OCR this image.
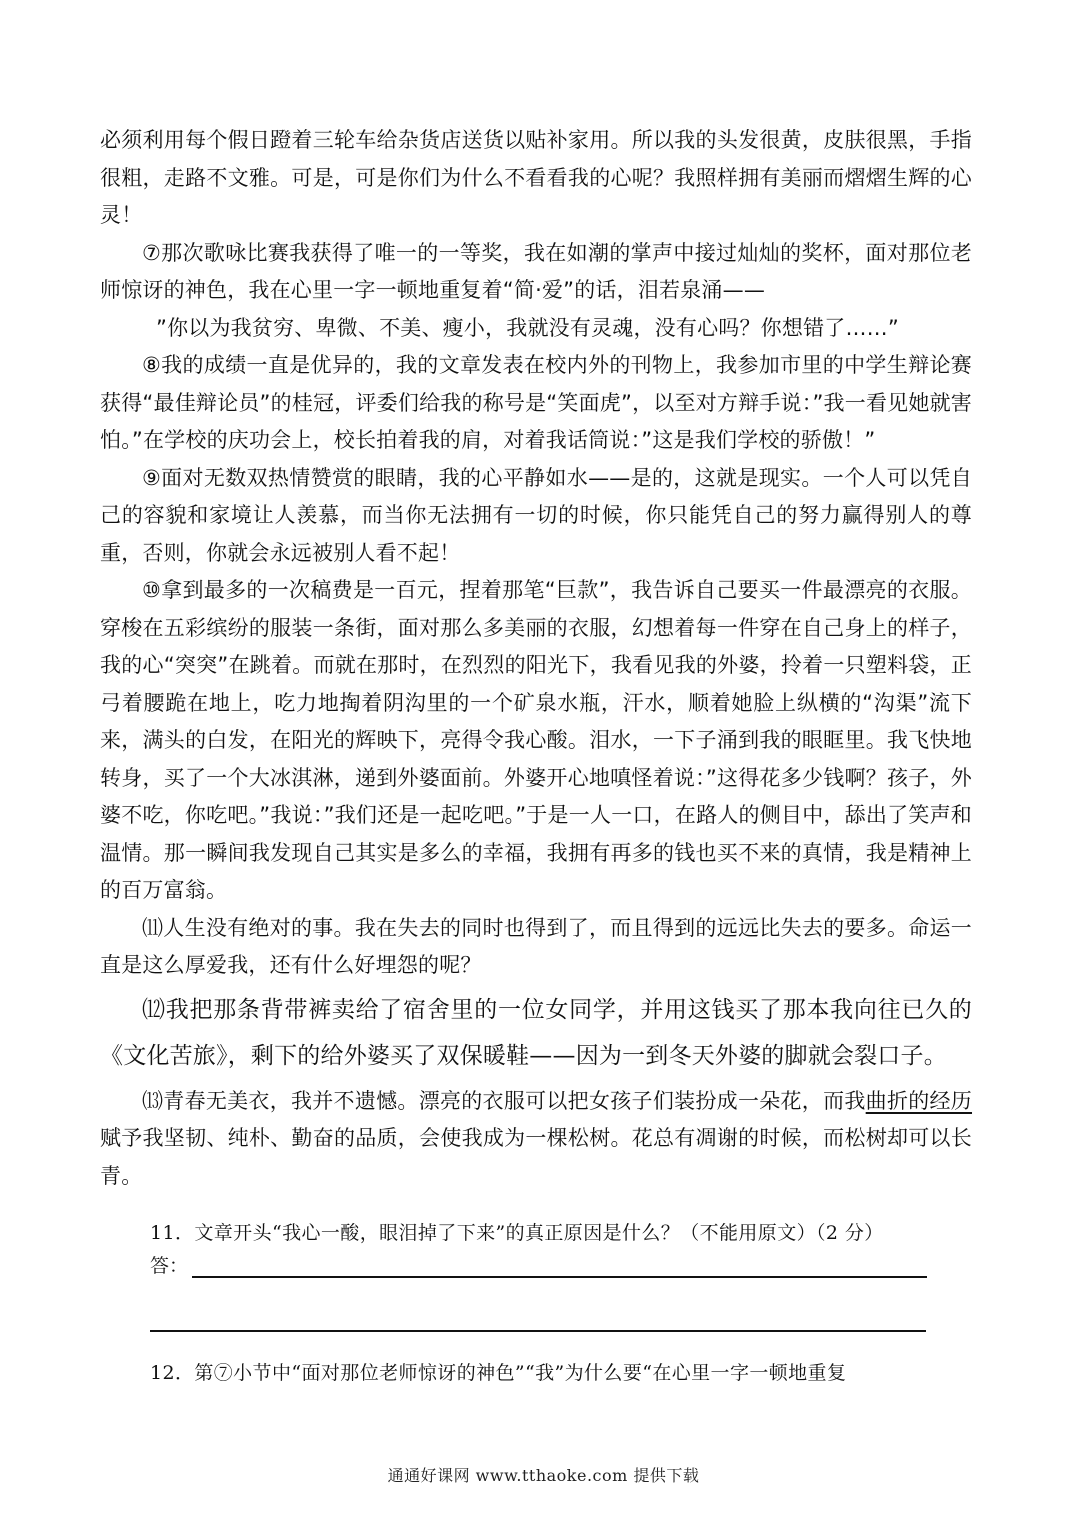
必须利用每个假日蹬着三轮车给杂货店送货以贴补家用。所以我的头发很黄，皮肤很黑，手指很粗，走路不文雅。可是，可是你们为什么不看看我的心呢？我照样拥有美丽而熠熠生辉的心灵！

⑦那次歌咏比赛我获得了唯一的一等奖，我在如潮的掌声中接过灿灿的奖杯，面对那位老师惊讶的神色，我在心里一字一顿地重复着“简·爱”的话，泪若泉涌——

”你以为我贫穷、卑微、不美、瘦小，我就没有灵魂，没有心吗？你想错了……”

⑧我的成绩一直是优异的，我的文章发表在校内外的刊物上，我参加市里的中学生辩论赛获得“最佳辩论员”的桂冠，评委们给我的称号是“笑面虎”，以至对方辩手说：”我一看见她就害怕。”在学校的庆功会上，校长拍着我的肩，对着我话筒说：”这是我们学校的骄傲！”

⑨面对无数双热情赞赏的眼睛，我的心平静如水——是的，这就是现实。一个人可以凭自己的容貌和家境让人羡慕，而当你无法拥有一切的时候，你只能凭自己的努力赢得别人的尊重，否则，你就会永远被别人看不起！

⑩拿到最多的一次稿费是一百元，捏着那笔“巨款”，我告诉自己要买一件最漂亮的衣服。穿梭在五彩缤纷的服装一条街，面对那么多美丽的衣服，幻想着每一件穿在自己身上的样子，我的心“突突”在跳着。而就在那时，在烈烈的阳光下，我看见我的外婆，拎着一只塑料袋，正弓着腰跪在地上，吃力地掏着阴沟里的一个矿泉水瓶，汗水，顺着她脸上纵横的“沟渠”流下来，满头的白发，在阳光的辉映下，亮得令我心酸。泪水，一下子涌到我的眼眶里。我飞快地转身，买了一个大冰淇淋，递到外婆面前。外婆开心地嗔怪着说：”这得花多少钱啊？孩子，外婆不吃，你吃吧。”我说：”我们还是一起吃吧。”于是一人一口，在路人的侧目中，舔出了笑声和温情。那一瞬间我发现自己其实是多么的幸福，我拥有再多的钱也买不来的真情，我是精神上的百万富翁。

⑾人生没有绝对的事。我在失去的同时也得到了，而且得到的远远比失去的要多。命运一直是这么厚爱我，还有什么好埋怨的呢？

⑿我把那条背带裤卖给了宿舍里的一位女同学，并用这钱买了那本我向往已久的《文化苦旅》，剩下的给外婆买了双保暖鞋——因为一到冬天外婆的脚就会裂口子。

⒀青春无美衣，我并不遗憾。漂亮的衣服可以把女孩子们装扮成一朵花，而我曲折的经历赋予我坚韧、纯朴、勤奋的品质，会使我成为一棵松树。花总有凋谢的时候，而松树却可以长青。

11．文章开头“我心一酸，眼泪掉了下来”的真正原因是什么？（不能用原文）（2 分）

答：

12．第⑦小节中“面对那位老师惊讶的神色”“我”为什么要“在心里一字一顿地重复

通通好课网 www.tthaoke.com 提供下载
